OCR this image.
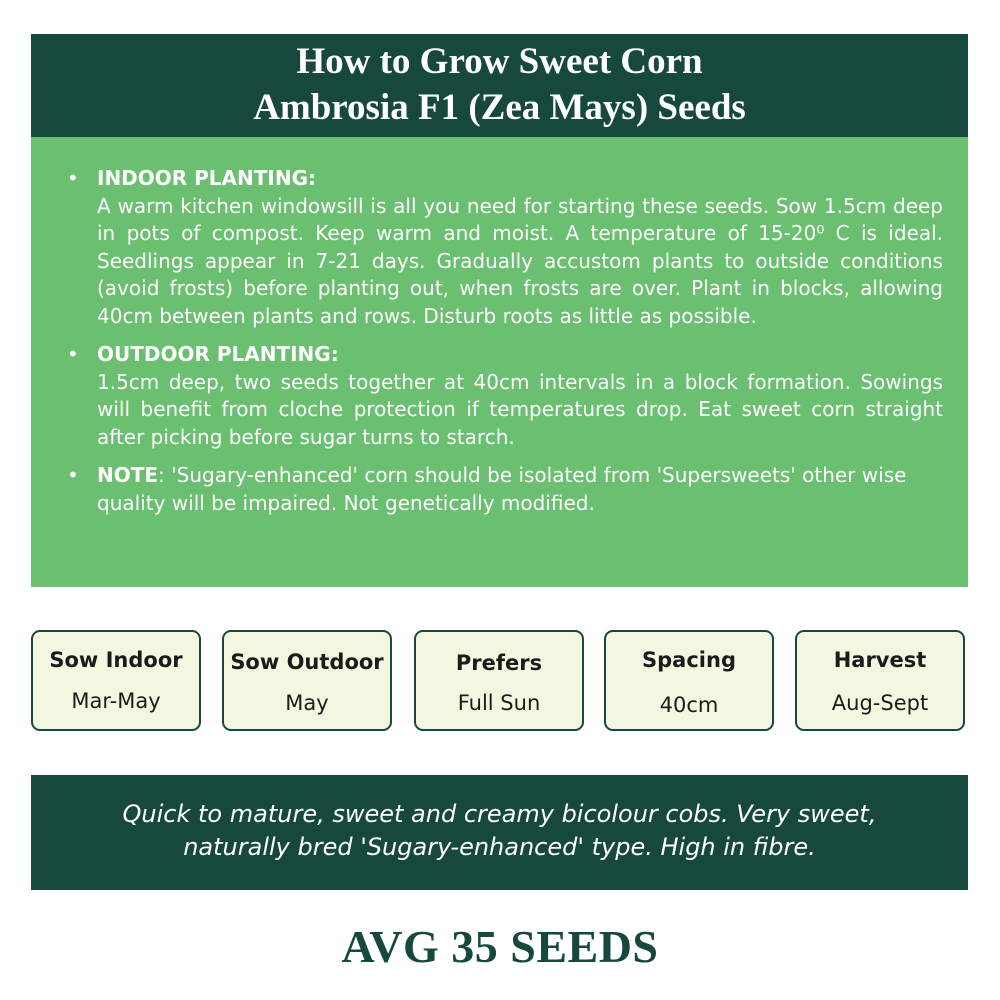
How to Grow Sweet Corn
Ambrosia F1 (Zea Mays) Seeds
• INDOOR PLANTING:
A warm kitchen windowsill is all you need for starting these seeds. Sow 1.5cm deep in pots of compost. Keep warm and moist. A temperature of 15-20⁰ C is ideal. Seedlings appear in 7-21 days. Gradually accustom plants to outside conditions (avoid frosts) before planting out, when frosts are over. Plant in blocks, allowing 40cm between plants and rows. Disturb roots as little as possible.
• OUTDOOR PLANTING:
1.5cm deep, two seeds together at 40cm intervals in a block formation. Sowings will benefit from cloche protection if temperatures drop. Eat sweet corn straight after picking before sugar turns to starch.
• NOTE: 'Sugary-enhanced' corn should be isolated from 'Supersweets' other wise quality will be impaired. Not genetically modified.
Sow Indoor
Mar-May
Sow Outdoor
May
Prefers
Full Sun
Spacing
40cm
Harvest
Aug-Sept
Quick to mature, sweet and creamy bicolour cobs. Very sweet,
naturally bred 'Sugary-enhanced' type. High in fibre.
AVG 35 SEEDS
